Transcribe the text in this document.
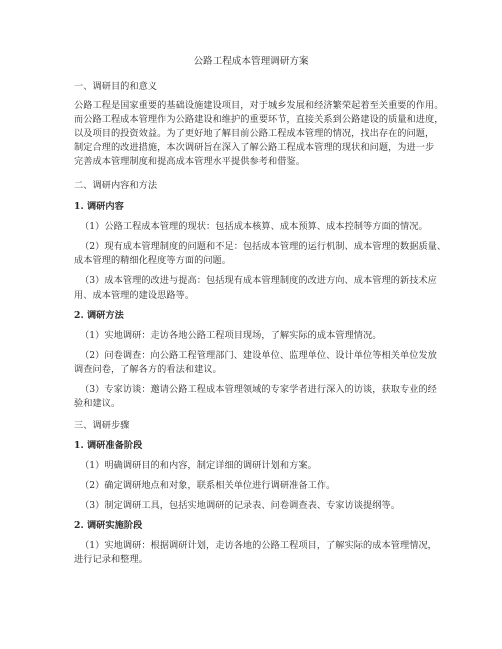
公路工程成本管理调研方案
一、调研目的和意义
公路工程是国家重要的基础设施建设项目，对于城乡发展和经济繁荣起着至关重要的作用。
而公路工程成本管理作为公路建设和维护的重要环节，直接关系到公路建设的质量和进度，
以及项目的投资效益。为了更好地了解目前公路工程成本管理的情况，找出存在的问题，
制定合理的改进措施，本次调研旨在深入了解公路工程成本管理的现状和问题，为进一步
完善成本管理制度和提高成本管理水平提供参考和借鉴。
二、调研内容和方法
1. 调研内容
（1）公路工程成本管理的现状：包括成本核算、成本预算、成本控制等方面的情况。
（2）现有成本管理制度的问题和不足：包括成本管理的运行机制、成本管理的数据质量、
成本管理的精细化程度等方面的问题。
（3）成本管理的改进与提高：包括现有成本管理制度的改进方向、成本管理的新技术应
用、成本管理的建设思路等。
2. 调研方法
（1）实地调研：走访各地公路工程项目现场，了解实际的成本管理情况。
（2）问卷调查：向公路工程管理部门、建设单位、监理单位、设计单位等相关单位发放
调查问卷，了解各方的看法和建议。
（3）专家访谈：邀请公路工程成本管理领域的专家学者进行深入的访谈，获取专业的经
验和建议。
三、调研步骤
1. 调研准备阶段
（1）明确调研目的和内容，制定详细的调研计划和方案。
（2）确定调研地点和对象，联系相关单位进行调研准备工作。
（3）制定调研工具，包括实地调研的记录表、问卷调查表、专家访谈提纲等。
2. 调研实施阶段
（1）实地调研：根据调研计划，走访各地的公路工程项目，了解实际的成本管理情况，
进行记录和整理。
